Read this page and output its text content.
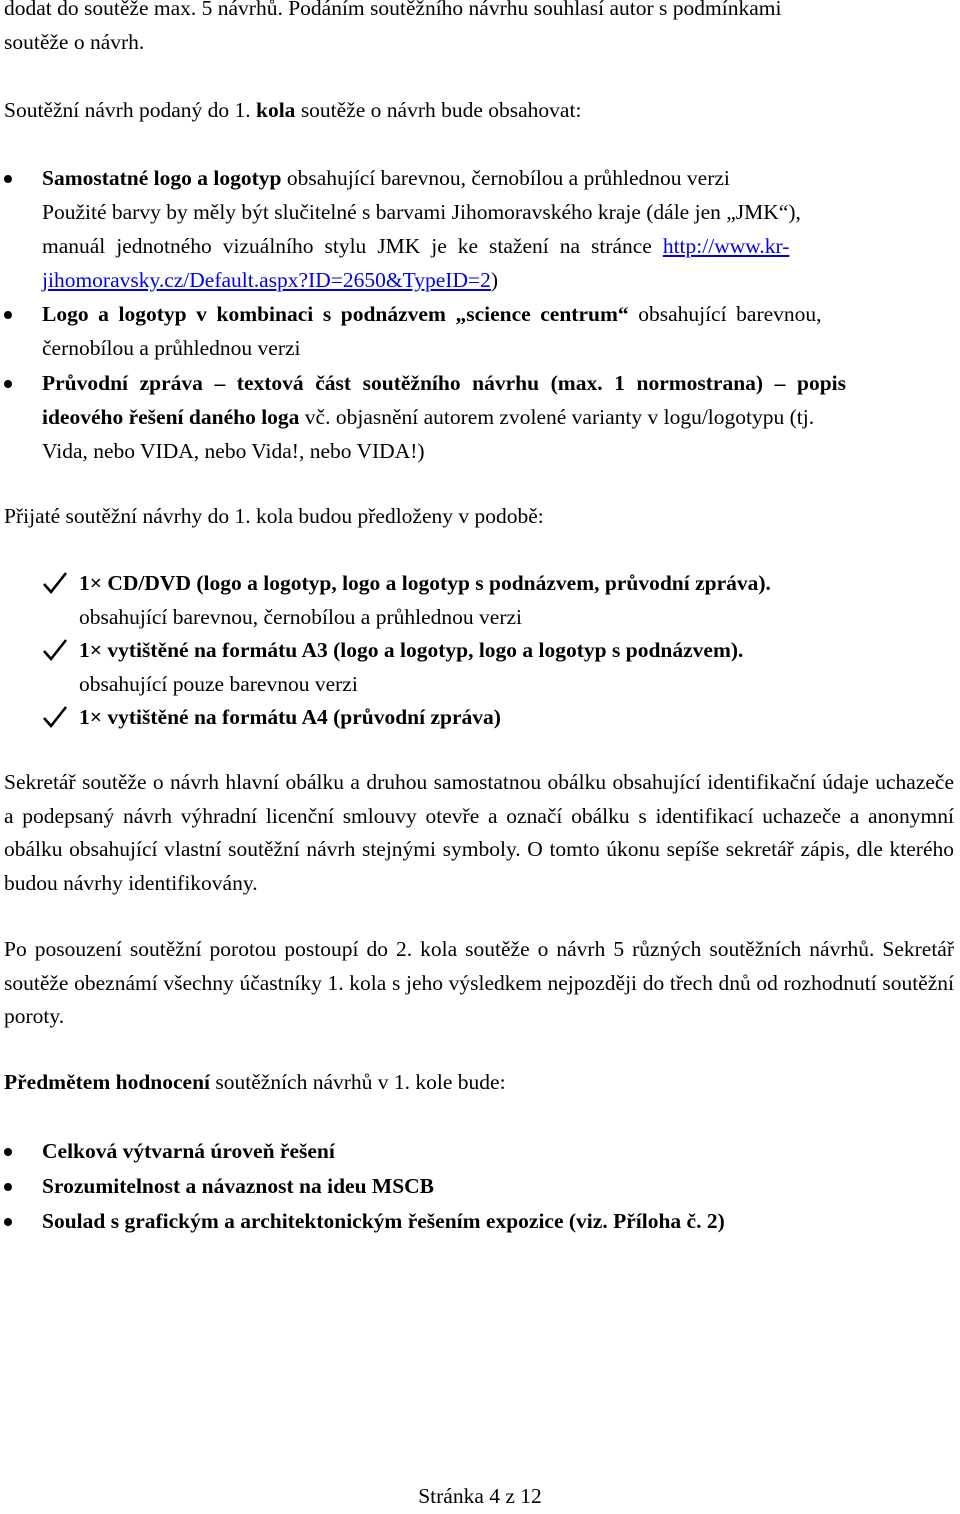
dodat do soutěže max. 5 návrhů. Podáním soutěžního návrhu souhlasí autor s podmínkami

soutěže o návrh.

Soutěžní návrh podaný do 1. kola soutěže o návrh bude obsahovat:

Samostatné logo a logotyp obsahující barevnou, černobílou a průhlednou verzi

Použité barvy by měly být slučitelné s barvami Jihomoravského kraje (dále jen „JMK“),

manuál jednotného vizuálního stylu JMK je ke stažení na stránce http://www.kr-

jihomoravsky.cz/Default.aspx?ID=2650&TypeID=2)

Logo a logotyp v kombinaci s podnázvem „science centrum“ obsahující barevnou,

černobílou a průhlednou verzi

Průvodní zpráva – textová část soutěžního návrhu (max. 1 normostrana) – popis

ideového řešení daného loga vč. objasnění autorem zvolené varianty v logu/logotypu (tj.

Vida, nebo VIDA, nebo Vida!, nebo VIDA!)

Přijaté soutěžní návrhy do 1. kola budou předloženy v podobě:

1× CD/DVD (logo a logotyp, logo a logotyp s podnázvem, průvodní zpráva).

obsahující barevnou, černobílou a průhlednou verzi

1× vytištěné na formátu A3 (logo a logotyp, logo a logotyp s podnázvem).

obsahující pouze barevnou verzi

1× vytištěné na formátu A4 (průvodní zpráva)

Sekretář soutěže o návrh hlavní obálku a druhou samostatnou obálku obsahující identifikační údaje uchazeče a podepsaný návrh výhradní licenční smlouvy otevře a označí obálku s identifikací uchazeče a anonymní obálku obsahující vlastní soutěžní návrh stejnými symboly. O tomto úkonu sepíše sekretář zápis, dle kterého budou návrhy identifikovány.

Po posouzení soutěžní porotou postoupí do 2. kola soutěže o návrh 5 různých soutěžních návrhů. Sekretář soutěže obeznámí všechny účastníky 1. kola s jeho výsledkem nejpozději do třech dnů od rozhodnutí soutěžní poroty.

Předmětem hodnocení soutěžních návrhů v 1. kole bude:

Celková výtvarná úroveň řešení

Srozumitelnost a návaznost na ideu MSCB

Soulad s grafickým a architektonickým řešením expozice (viz. Příloha č. 2)

Stránka 4 z 12
